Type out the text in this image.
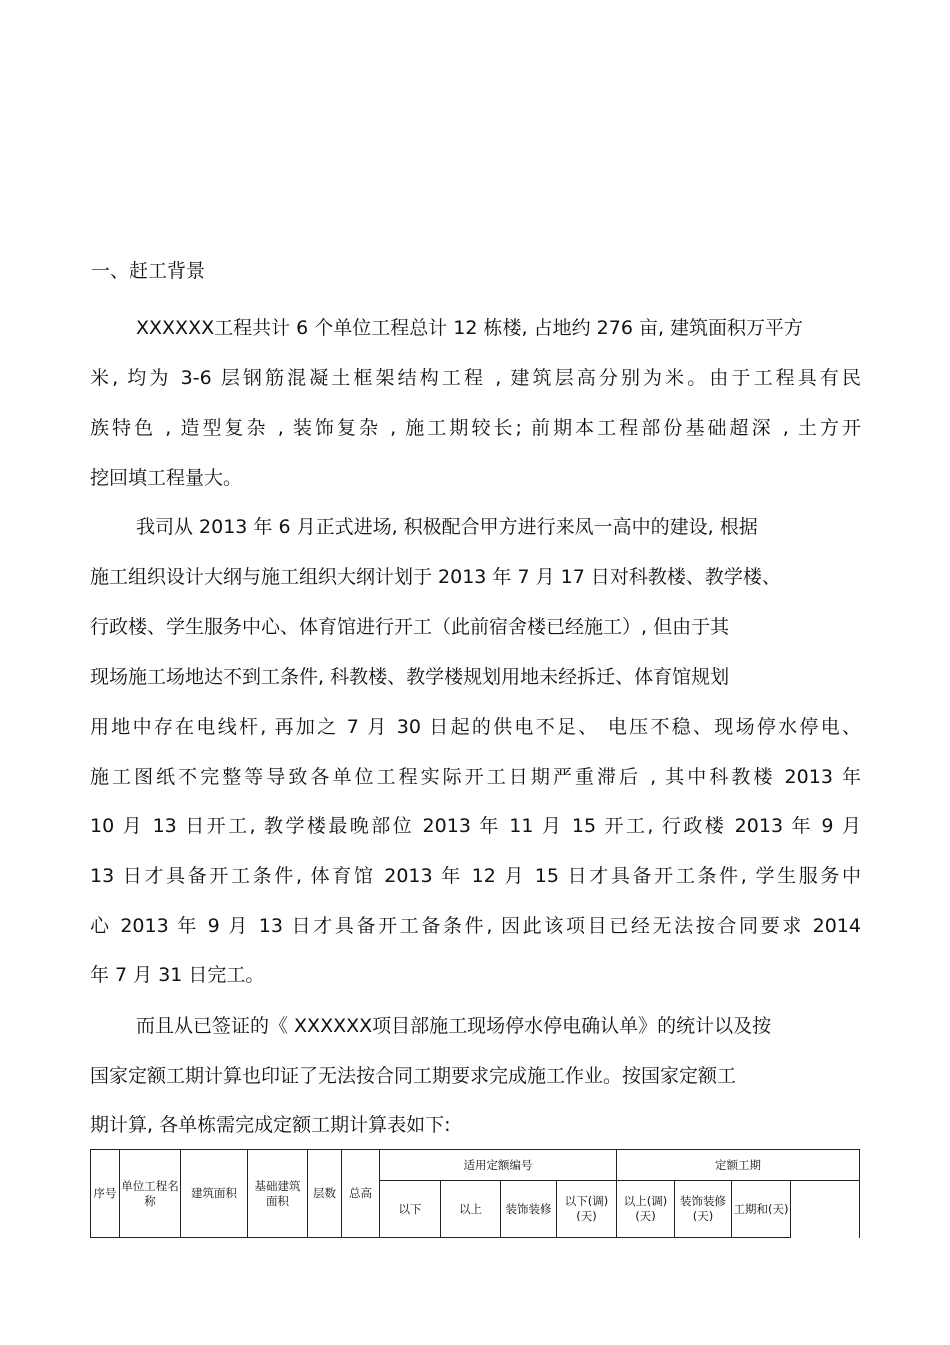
一、赶工背景
XXXXXX工程共计 6 个单位工程总计 12 栋楼, 占地约 276 亩, 建筑面积万平方
米, 均为 3-6 层钢筋混凝土框架结构工程 , 建筑层高分别为米。由于工程具有民
族特色 , 造型复杂 , 装饰复杂 , 施工期较长; 前期本工程部份基础超深 , 土方开
挖回填工程量大。
我司从 2013 年 6 月正式进场, 积极配合甲方进行来凤一高中的建设, 根据
施工组织设计大纲与施工组织大纲计划于 2013 年 7 月 17 日对科教楼、教学楼、
行政楼、学生服务中心、体育馆进行开工（此前宿舍楼已经施工）, 但由于其
现场施工场地达不到工条件, 科教楼、教学楼规划用地未经拆迁、体育馆规划
用地中存在电线杆, 再加之 7 月 30 日起的供电不足、 电压不稳、现场停水停电、
施工图纸不完整等导致各单位工程实际开工日期严重滞后 , 其中科教楼 2013 年
10 月 13 日开工, 教学楼最晚部位 2013 年 11 月 15 开工, 行政楼 2013 年 9 月
13 日才具备开工条件, 体育馆 2013 年 12 月 15 日才具备开工条件, 学生服务中
心 2013 年 9 月 13 日才具备开工备条件, 因此该项目已经无法按合同要求 2014
年 7 月 31 日完工。
而且从已签证的《 XXXXXX项目部施工现场停水停电确认单》的统计以及按
国家定额工期计算也印证了无法按合同工期要求完成施工作业。按国家定额工
期计算, 各单栋需完成定额工期计算表如下:
序号	单位工程名称	建筑面积	基础建筑面积	层数	总高	适用定额编号				定额工期	
						以下	以上	装饰装修	以下(调)(天)	以上(调)(天)	装饰装修(天)	工期和(天)	
